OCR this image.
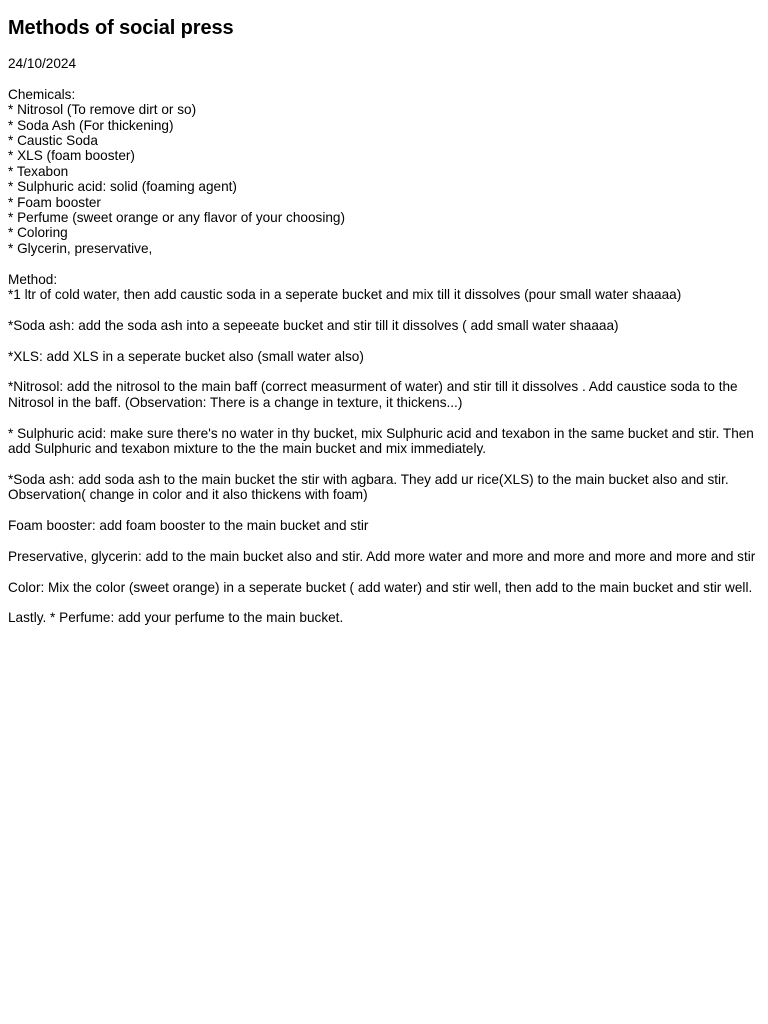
Methods of social press
24/10/2024
Chemicals:
* Nitrosol (To remove dirt or so)
* Soda Ash (For thickening)
* Caustic Soda
* XLS (foam booster)
* Texabon
* Sulphuric acid: solid (foaming agent)
* Foam booster
* Perfume (sweet orange or any flavor of your choosing)
* Coloring
* Glycerin, preservative,
Method:
*1 ltr of cold water, then add caustic soda in a seperate bucket and mix till it dissolves (pour small water shaaaa)
*Soda ash: add the soda ash into a sepeeate bucket and stir till it dissolves ( add small water shaaaa)
*XLS: add XLS in a seperate bucket also (small water also)
*Nitrosol: add the nitrosol to the main baff (correct measurment of water) and stir till it dissolves . Add caustice soda to the Nitrosol in the baff. (Observation: There is a change in texture, it thickens...)
* Sulphuric acid: make sure there's no water in thy bucket, mix Sulphuric acid and texabon in the same bucket and stir. Then add Sulphuric and texabon mixture to the the main bucket and mix immediately.
*Soda ash: add soda ash to the main bucket the stir with agbara. They add ur rice(XLS) to the main bucket also and stir. Observation( change in color and it also thickens with foam)
Foam booster: add foam booster to the main bucket and stir
Preservative, glycerin: add to the main bucket also and stir. Add more water and more and more and more and more and stir
Color: Mix the color (sweet orange) in a seperate bucket ( add water) and stir well, then add to the main bucket and stir well.
Lastly. * Perfume: add your perfume to the main bucket.
